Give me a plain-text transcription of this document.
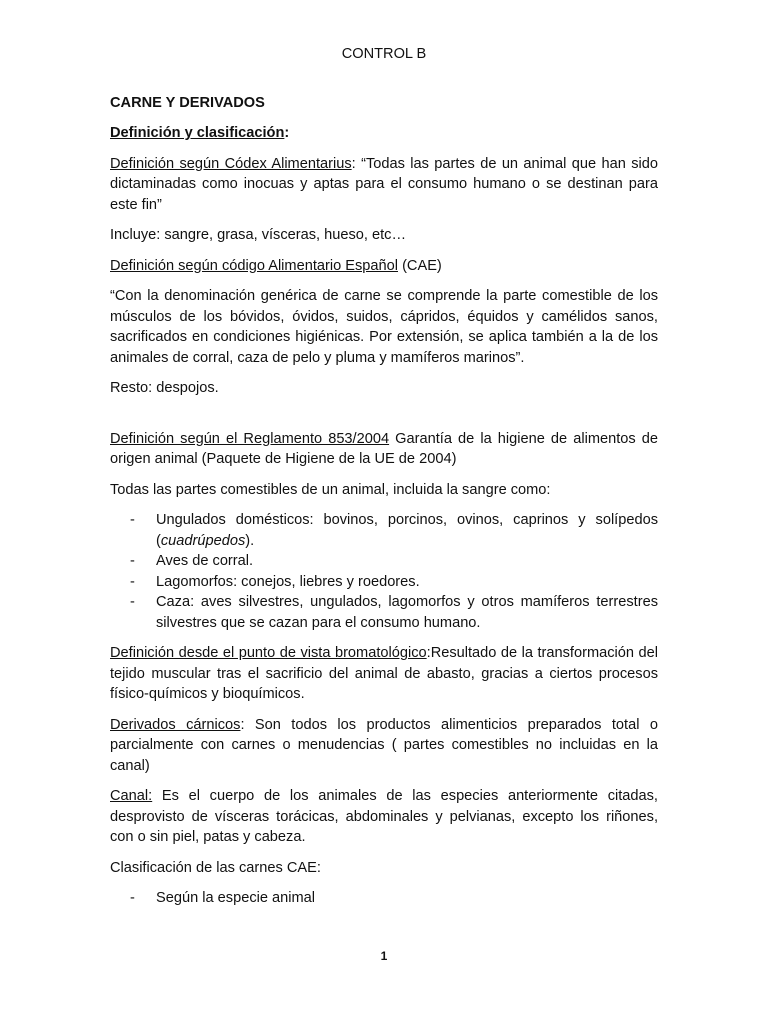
CONTROL B
CARNE Y DERIVADOS
Definición y clasificación:
Definición según Códex Alimentarius: “Todas las partes de un animal que han sido dictaminadas como inocuas y aptas para el consumo humano o se destinan para este fin”
Incluye: sangre, grasa, vísceras, hueso, etc…
Definición según código Alimentario Español (CAE)
“Con la denominación genérica de carne se comprende la parte comestible de los músculos de los bóvidos, óvidos, suidos, cápridos, équidos y camélidos sanos, sacrificados en condiciones higiénicas. Por extensión, se aplica también a la de los animales de corral, caza de pelo y pluma y mamíferos marinos”.
Resto: despojos.
Definición según el Reglamento 853/2004 Garantía de la higiene de alimentos de origen animal (Paquete de Higiene de la UE de 2004)
Todas las partes comestibles de un animal, incluida la sangre como:
- Ungulados domésticos: bovinos, porcinos, ovinos, caprinos y solípedos (cuadrúpedos).
- Aves de corral.
- Lagomorfos: conejos, liebres y roedores.
- Caza: aves silvestres, ungulados, lagomorfos y otros mamíferos terrestres silvestres que se cazan para el consumo humano.
Definición desde el punto de vista bromatológico:Resultado de la transformación del tejido muscular tras el sacrificio del animal de abasto, gracias a ciertos procesos físico-químicos y bioquímicos.
Derivados cárnicos: Son todos los productos alimenticios preparados total o parcialmente con carnes o menudencias ( partes comestibles no incluidas en la canal)
Canal: Es el cuerpo de los animales de las especies anteriormente citadas, desprovisto de vísceras torácicas, abdominales y pelvianas, excepto los riñones, con o sin piel, patas y cabeza.
Clasificación de las carnes CAE:
- Según la especie animal
1
